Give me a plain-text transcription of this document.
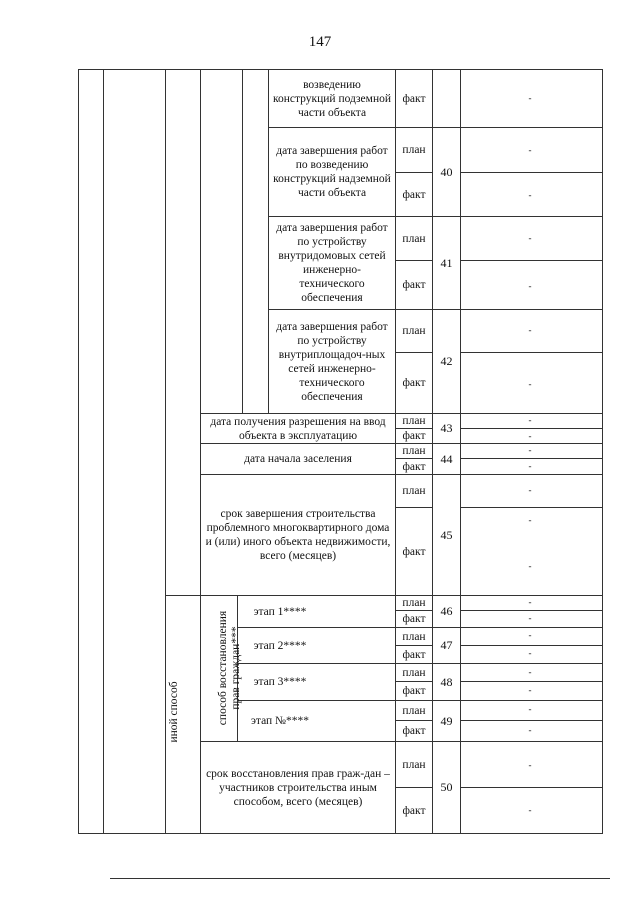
147
возведению конструкций подземной части объекта
дата завершения работ по возведению конструкций надземной части объекта
дата завершения работ по устройству внутридомовых сетей инженерно-технического обеспечения
дата завершения работ по устройству внутриплощадоч-ных сетей инженерно-технического обеспечения
дата получения разрешения на ввод объекта в эксплуатацию
дата начала заселения
срок завершения строительства проблемного многоквартирного дома и (или) иного объекта недвижимости, всего (месяцев)
этап 1****
этап 2****
этап 3****
этап №****
срок восстановления прав граж-дан – участников строительства иным способом, всего (месяцев)
иной способ	способ восстановления прав граждан***
факт
план
факт
план
факт
план
факт
план
факт
план
факт
план
факт
план
факт
план
факт
план
факт
план
факт
план
факт
40
41
42
43
44
45
46
47
48
49
50
-
-
-
-
-
-
-
-
-
-
-
-
-
-
-
-
-
-
-
-
-
-
-
-
